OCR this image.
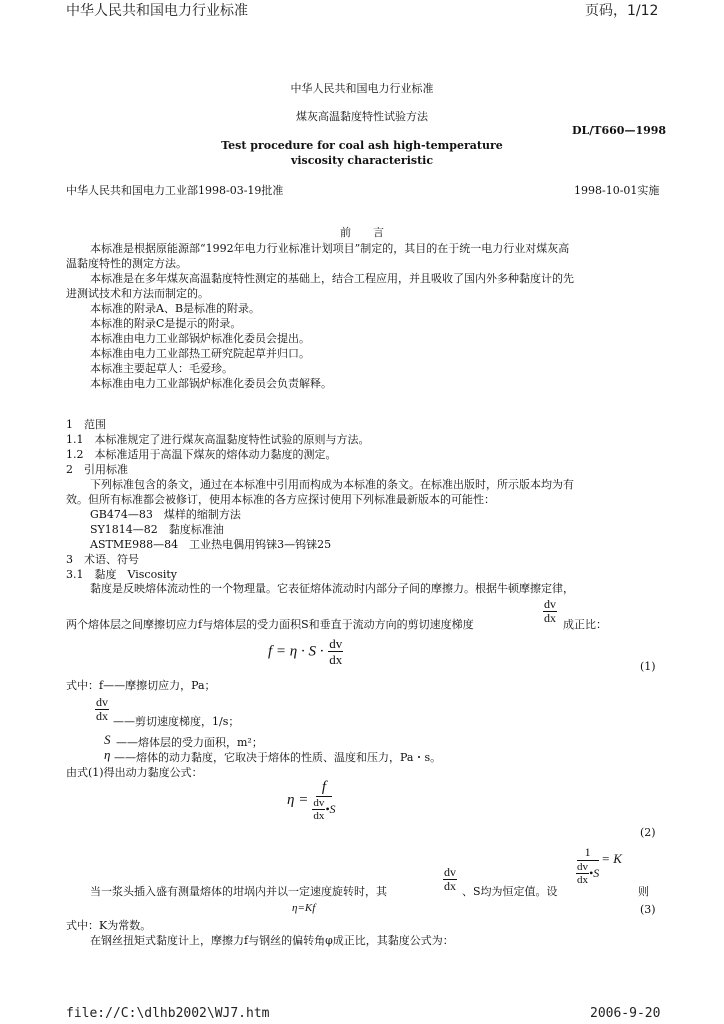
中华人民共和国电力行业标准	页码，1/12
中华人民共和国电力行业标准
煤灰高温黏度特性试验方法
DL/T660—1998
Test procedure for coal ash high-temperature
viscosity characteristic
中华人民共和国电力工业部1998-03-19批准	1998-10-01实施
前　　言
本标准是根据原能源部“1992年电力行业标准计划项目”制定的，其目的在于统一电力行业对煤灰高
温黏度特性的测定方法。
本标准是在多年煤灰高温黏度特性测定的基础上，结合工程应用，并且吸收了国内外多种黏度计的先
进测试技术和方法而制定的。
本标准的附录A、B是标准的附录。
本标准的附录C是提示的附录。
本标准由电力工业部锅炉标准化委员会提出。
本标准由电力工业部热工研究院起草并归口。
本标准主要起草人：毛爱珍。
本标准由电力工业部锅炉标准化委员会负责解释。
1　范围
1.1　本标准规定了进行煤灰高温黏度特性试验的原则与方法。
1.2　本标准适用于高温下煤灰的熔体动力黏度的测定。
2　引用标准
下列标准包含的条文，通过在本标准中引用而构成为本标准的条文。在标准出版时，所示版本均为有
效。但所有标准都会被修订，使用本标准的各方应探讨使用下列标准最新版本的可能性：
GB474—83　煤样的缩制方法
SY1814—82　黏度标准油
ASTME988—84　工业热电偶用钨铼3—钨铼25
3　术语、符号
3.1　黏度　Viscosity
黏度是反映熔体流动性的一个物理量。它表征熔体流动时内部分子间的摩擦力。根据牛顿摩擦定律，
两个熔体层之间摩擦切应力f与熔体层的受力面积S和垂直于流动方向的剪切速度梯度	$\frac{dv}{dx}$ 成正比：
$f = \eta \cdot S \cdot \frac{dv}{dx}$	(1)
式中：f——摩擦切应力，Pa；
$\frac{dv}{dx}$ ——剪切速度梯度，1/s；
S ——熔体层的受力面积，m²；
η ——熔体的动力黏度，它取决于熔体的性质、温度和压力，Pa・s。
由式(1)得出动力黏度公式：
η =
f
$\frac{dv}{dx}$ •S
(2)
当一浆头插入盛有测量熔体的坩埚内并以一定速度旋转时，其	$\frac{dv}{dx}$ 、S均为恒定值。设
1
$\frac{dv}{dx}$ •S
= K
则
η=Kf	(3)
式中：K为常数。
在钢丝扭矩式黏度计上，摩擦力f与钢丝的偏转角φ成正比，其黏度公式为：
file://C:\dlhb2002\WJ7.htm	2006-9-20
